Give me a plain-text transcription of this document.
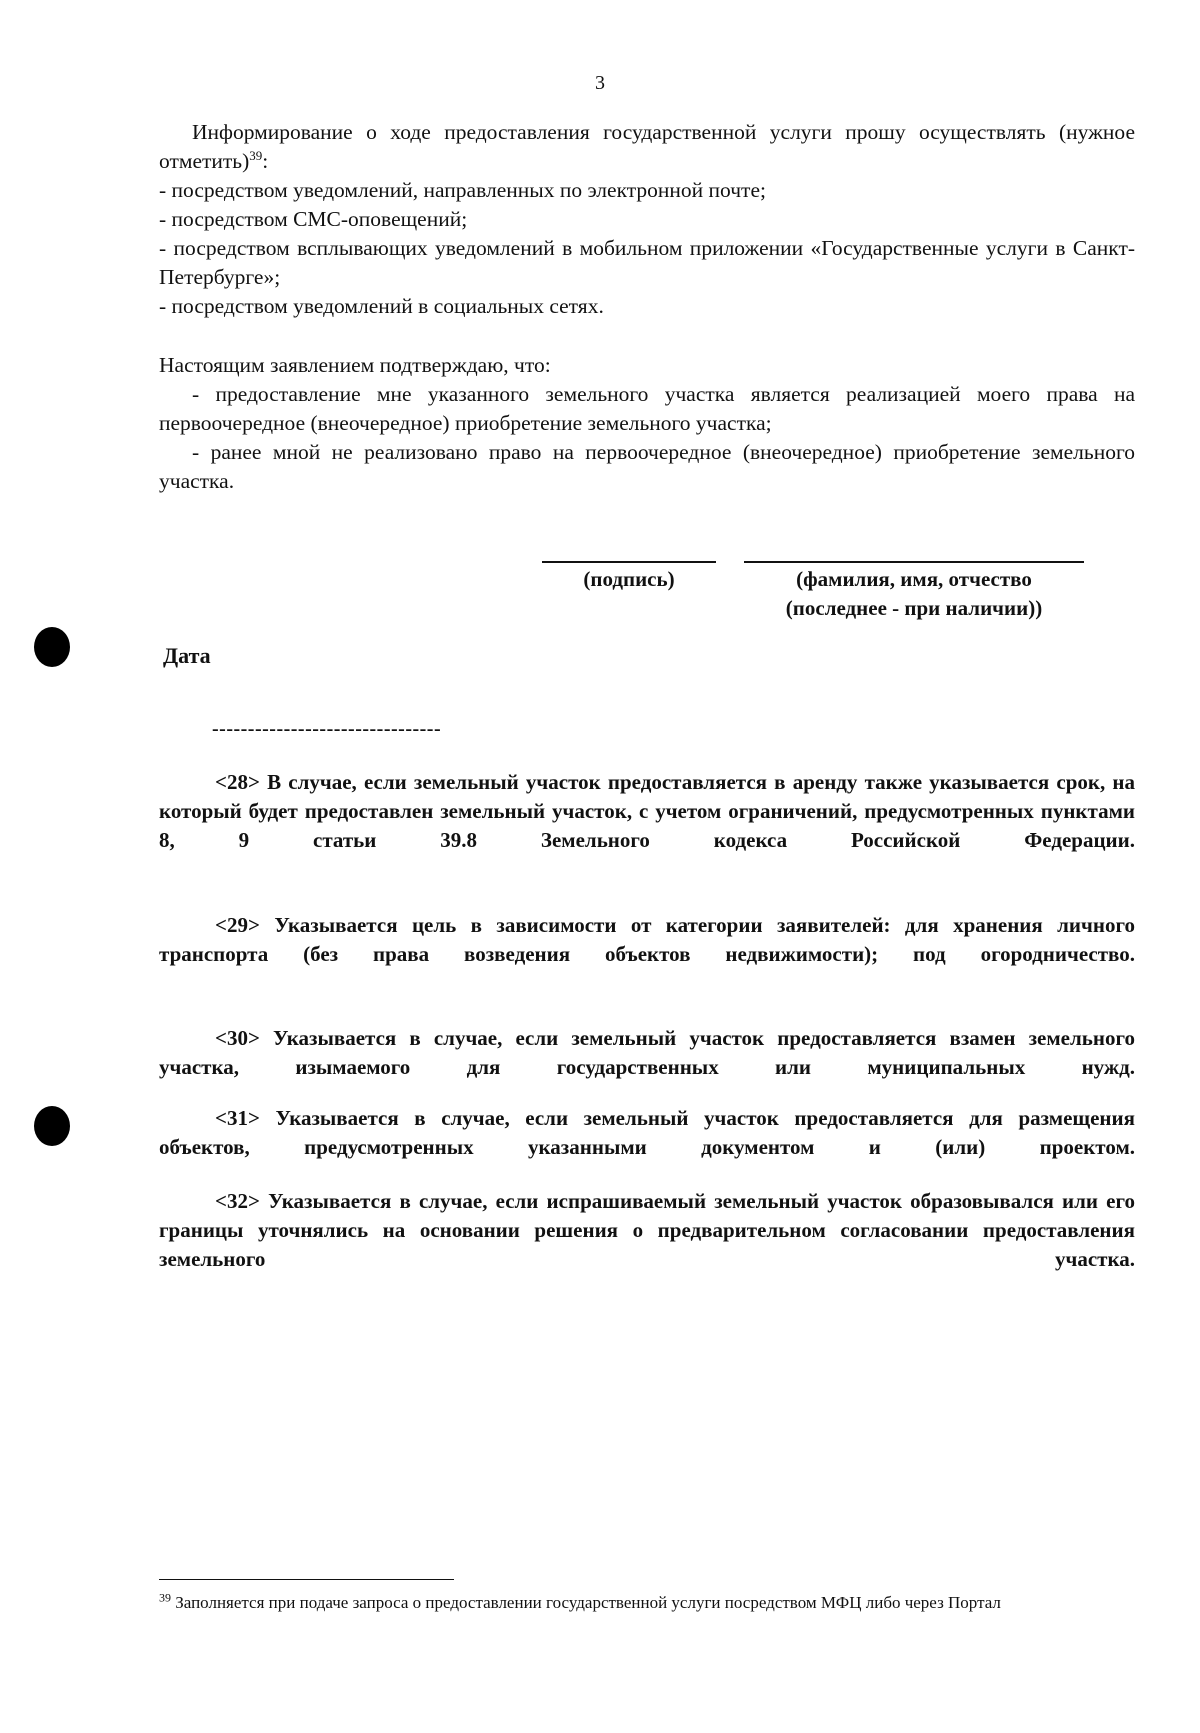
3
Информирование о ходе предоставления государственной услуги прошу осуществлять (нужное отметить)$^{39}$:
- посредством уведомлений, направленных по электронной почте;
- посредством СМС-оповещений;
- посредством всплывающих уведомлений в мобильном приложении «Государственные услуги в Санкт-Петербурге»;
- посредством уведомлений в социальных сетях.
Настоящим заявлением подтверждаю, что:
- предоставление мне указанного земельного участка является реализацией моего права на первоочередное (внеочередное) приобретение земельного участка;
- ранее мной не реализовано право на первоочередное (внеочередное) приобретение земельного участка.
(подпись)	(фамилия, имя, отчество
(последнее - при наличии))
Дата
--------------------------------
<28> В случае, если земельный участок предоставляется в аренду также указывается срок, на который будет предоставлен земельный участок, с учетом ограничений, предусмотренных пунктами 8, 9 статьи 39.8 Земельного кодекса Российской Федерации.
<29> Указывается цель в зависимости от категории заявителей: для хранения личного транспорта (без права возведения объектов недвижимости); под огородничество.
<30> Указывается в случае, если земельный участок предоставляется взамен земельного участка, изымаемого для государственных или муниципальных нужд.
<31> Указывается в случае, если земельный участок предоставляется для размещения объектов, предусмотренных указанными документом и (или) проектом.
<32> Указывается в случае, если испрашиваемый земельный участок образовывался или его границы уточнялись на основании решения о предварительном согласовании предоставления земельного участка.
$^{39}$ Заполняется при подаче запроса о предоставлении государственной услуги посредством МФЦ либо через Портал
